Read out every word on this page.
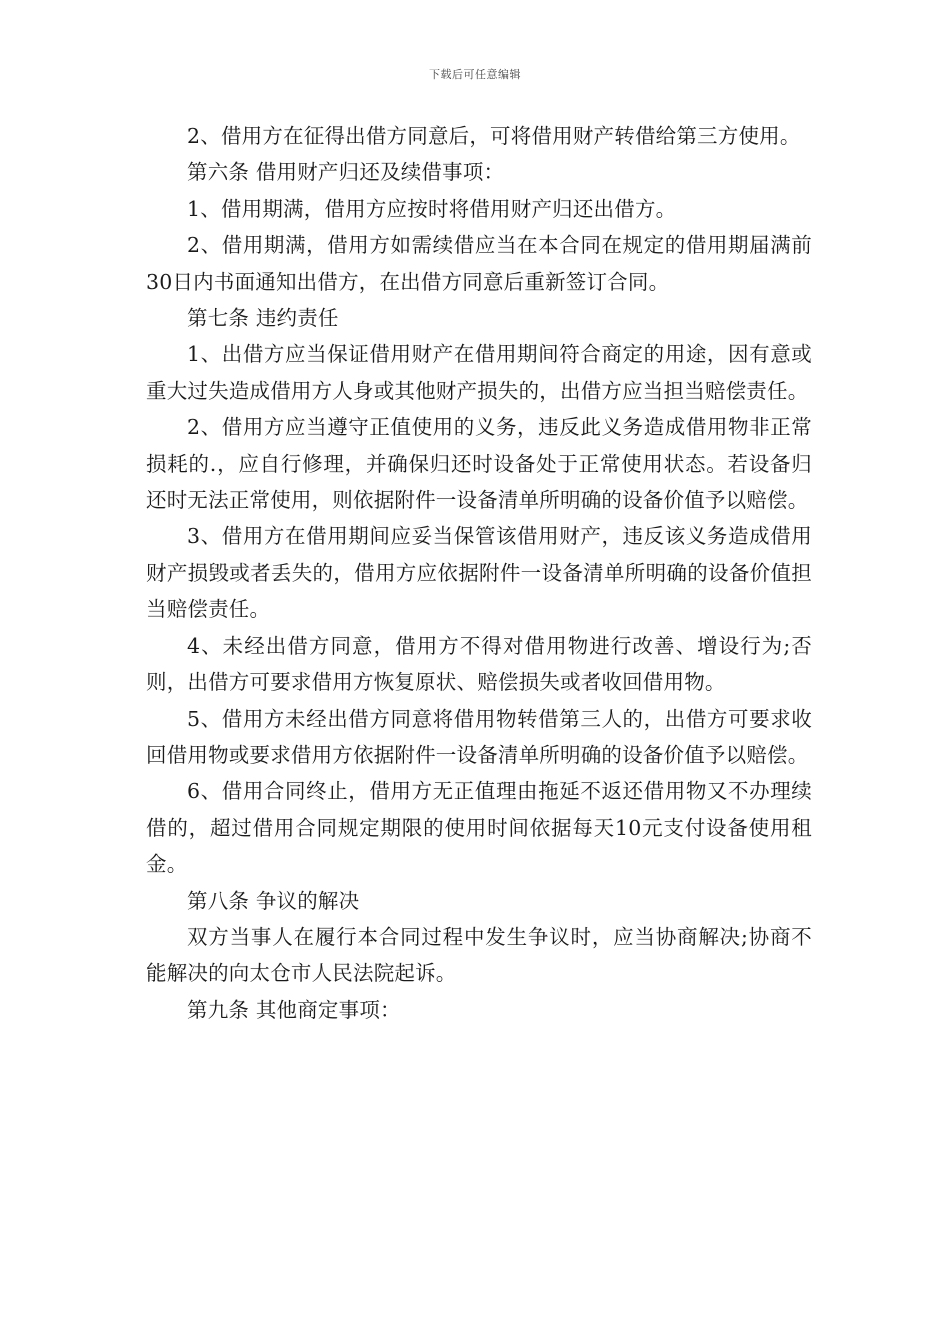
下载后可任意编辑

2、借用方在征得出借方同意后，可将借用财产转借给第三方使用。

第六条 借用财产归还及续借事项：

1、借用期满，借用方应按时将借用财产归还出借方。

2、借用期满，借用方如需续借应当在本合同在规定的借用期届满前30日内书面通知出借方，在出借方同意后重新签订合同。

第七条 违约责任

1、出借方应当保证借用财产在借用期间符合商定的用途，因有意或重大过失造成借用方人身或其他财产损失的，出借方应当担当赔偿责任。

2、借用方应当遵守正值使用的义务，违反此义务造成借用物非正常损耗的.，应自行修理，并确保归还时设备处于正常使用状态。若设备归还时无法正常使用，则依据附件一设备清单所明确的设备价值予以赔偿。

3、借用方在借用期间应妥当保管该借用财产，违反该义务造成借用财产损毁或者丢失的，借用方应依据附件一设备清单所明确的设备价值担当赔偿责任。

4、未经出借方同意，借用方不得对借用物进行改善、增设行为;否则，出借方可要求借用方恢复原状、赔偿损失或者收回借用物。

5、借用方未经出借方同意将借用物转借第三人的，出借方可要求收回借用物或要求借用方依据附件一设备清单所明确的设备价值予以赔偿。

6、借用合同终止，借用方无正值理由拖延不返还借用物又不办理续借的，超过借用合同规定期限的使用时间依据每天10元支付设备使用租金。

第八条 争议的解决

双方当事人在履行本合同过程中发生争议时，应当协商解决;协商不能解决的向太仓市人民法院起诉。

第九条 其他商定事项：
